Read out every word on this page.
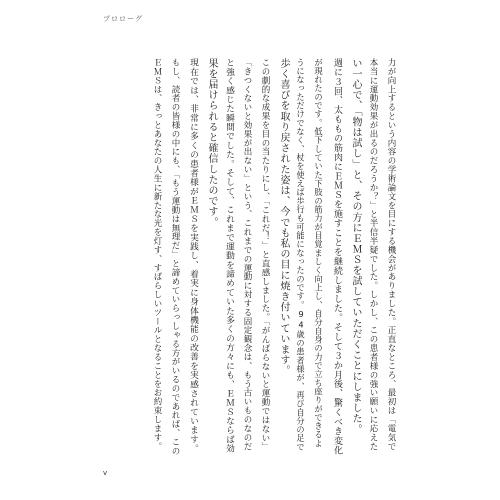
プロローグ
力が向上するという内容の学術論文を目にする機会がありました。正直なところ、最初は「電気で
本当に運動効果が出るのだろうか？」と半信半疑でした。しかし、この患者様の強い願いに応えた
い一心で、「物は試し」と、その方にＥＭＳを試していただくことにしました。
週に３回、太ももの筋肉にＥＭＳを施すことを継続しました。そして３か月後、驚くべき変化
が現れたのです。低下していた下肢の筋力が目覚ましく向上し、自分自身の力で立ち座りができるよ
うになっただけでなく、杖を使えば歩行も可能になったのです。94歳の患者様が、再び自分の足で
歩く喜びを取り戻された姿は、今でも私の目に焼き付いています。
この劇的な成果を目の当たりにし、「これだ！」と直感しました。「がんばらないと運動ではない」
「きつくないと効果が出ない」という、これまでの運動に対する固定観念は、もう古いものなのだ
と強く感じた瞬間でした。そして、これまで運動を諦めていた多くの方々にも、ＥＭＳならば効
果を届けられると確信したのです。
現在では、非常に多くの患者様がＥＭＳを実践し、着実に身体機能の改善を実感されています。
もし、読者の皆様の中にも、「もう運動は無理だ」と諦めていらっしゃる方がいるのであれば、この
ＥＭＳは、きっとあなたの人生に新たな光を灯す、すばらしいツールとなることをお約束します。
v
